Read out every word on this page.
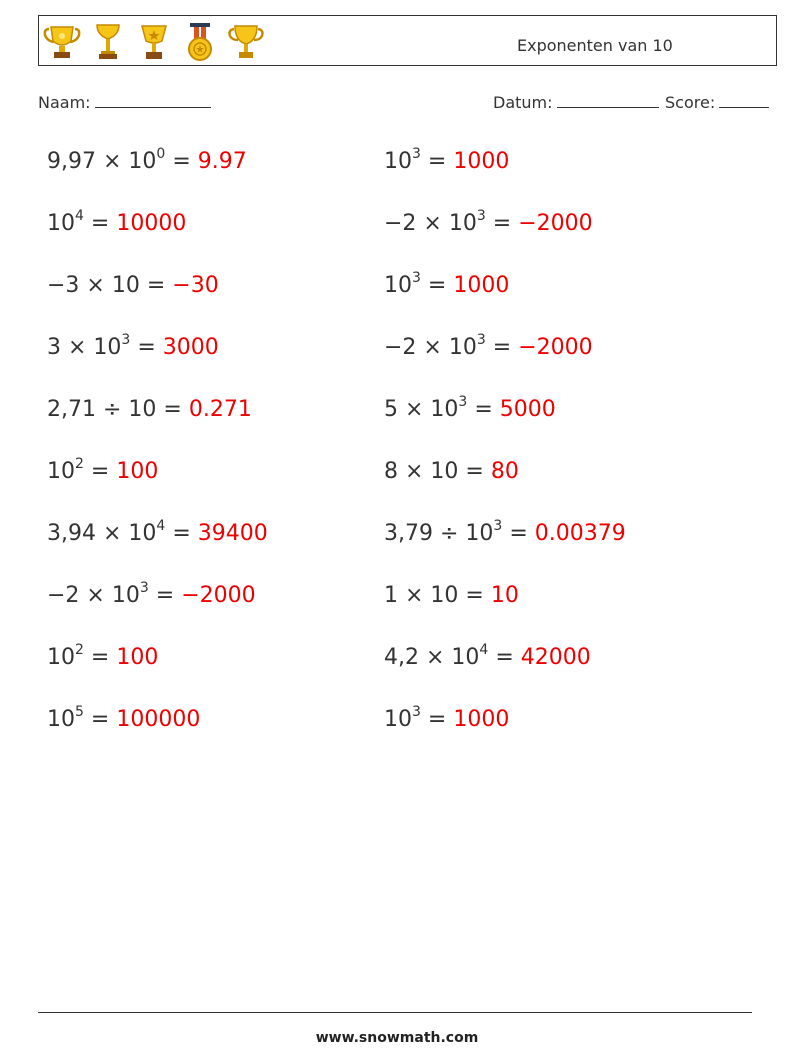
Exponenten van 10
Naam:	Datum:	Score:
$9,97 \times 10^0 = 9.97$	$10^3 = 1000$
$10^4 = 10000$	$-2 \times 10^3 = -2000$
−3 × 10 = −30	$10^3 = 1000$
$3 \times 10^3 = 3000$	$-2 \times 10^3 = -2000$
2,71 ÷ 10 = 0.271	$5 \times 10^3 = 5000$
$10^2 = 100$	8 × 10 = 80
$3,94 \times 10^4 = 39400$	$3,79 \div 10^3 = 0.00379$
$-2 \times 10^3 = -2000$	1 × 10 = 10
$10^2 = 100$	$4,2 \times 10^4 = 42000$
$10^5 = 100000$	$10^3 = 1000$
www.snowmath.com
